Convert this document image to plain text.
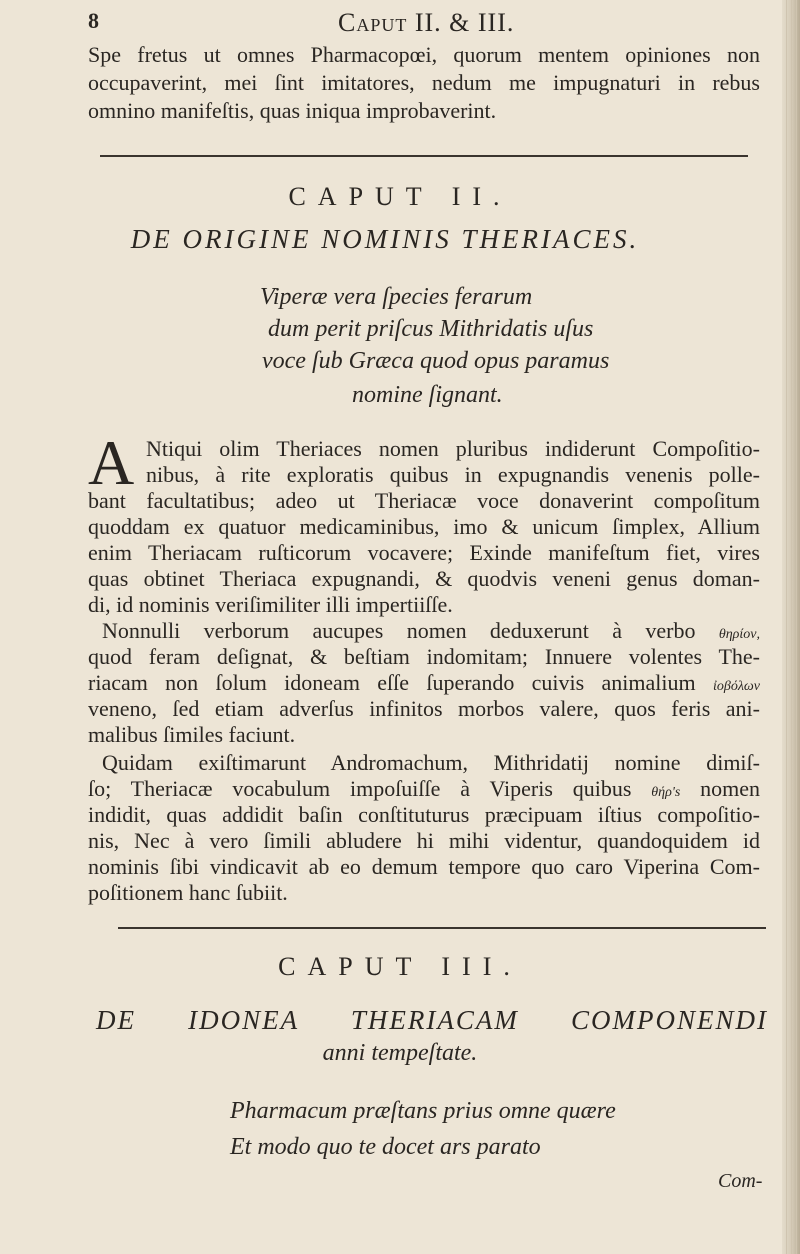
8	Caput II. & III.
Spe fretus ut omnes Pharmacopœi, quorum mentem opiniones non
occupaverint, mei ſint imitatores, nedum me impugnaturi in rebus
omnino manifeſtis, quas iniqua improbaverint.
CAPUT II.
DE ORIGINE NOMINIS THERIACES.
Viperæ vera ſpecies ferarum
dum perit priſcus Mithridatis uſus
voce ſub Græca quod opus paramus
nomine ſignant.
A Ntiqui olim Theriaces nomen pluribus indiderunt Compoſitio-
nibus, à rite exploratis quibus in expugnandis venenis polle-
bant facultatibus; adeo ut Theriacæ voce donaverint compoſitum
quoddam ex quatuor medicaminibus, imo & unicum ſimplex, Allium
enim Theriacam ruſticorum vocavere; Exinde manifeſtum fiet, vires
quas obtinet Theriaca expugnandi, & quodvis veneni genus doman-
di, id nominis veriſimiliter illi impertiiſſe.
Nonnulli verborum aucupes nomen deduxerunt à verbo θηρίον,
quod feram deſignat, & beſtiam indomitam; Innuere volentes The-
riacam non ſolum idoneam eſſe ſuperando cuivis animalium ἰοβόλων
veneno, ſed etiam adverſus infinitos morbos valere, quos feris ani-
malibus ſimiles faciunt.
Quidam exiſtimarunt Andromachum, Mithridatij nomine dimiſ-
ſo; Theriacæ vocabulum impoſuiſſe à Viperis quibus θήρ's nomen
indidit, quas addidit baſin conſtituturus præcipuam iſtius compoſitio-
nis, Nec à vero ſimili abludere hi mihi videntur, quandoquidem id
nominis ſibi vindicavit ab eo demum tempore quo caro Viperina Com-
poſitionem hanc ſubiit.
CAPUT III.
DE IDONEA THERIACAM COMPONENDI
anni tempeſtate.
Pharmacum præſtans prius omne quære
Et modo quo te docet ars parato
Com-
